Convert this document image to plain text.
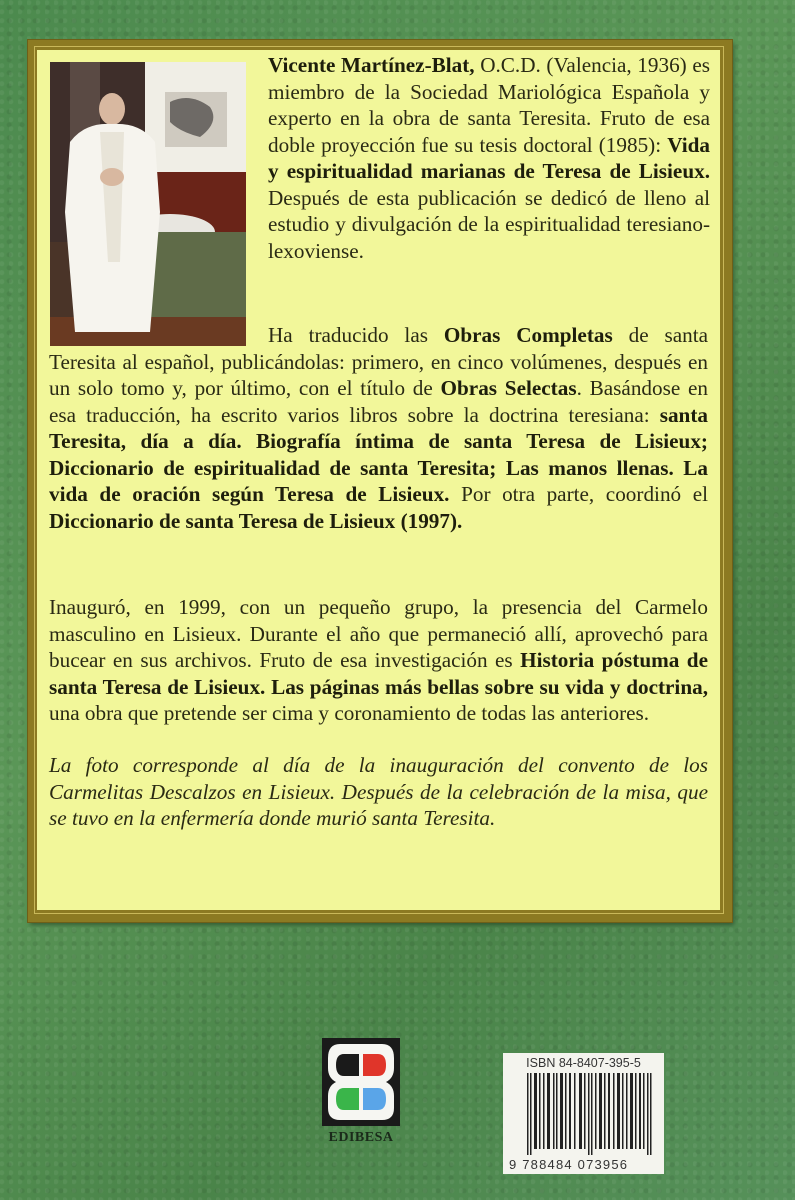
Vicente Martínez-Blat, O.C.D. (Valencia, 1936) es miembro de la Sociedad Mariológica Española y experto en la obra de santa Teresita. Fruto de esa doble proyección fue su tesis doctoral (1985): Vida y espiritualidad marianas de Teresa de Lisieux. Después de esta publicación se dedicó de lleno al estudio y divulgación de la espiritualidad teresiano-lexoviense.

Ha traducido las Obras Completas de santa Teresita al español, publicándolas: primero, en cinco volúmenes, después en un solo tomo y, por último, con el título de Obras Selectas. Basándose en esa traducción, ha escrito varios libros sobre la doctrina teresiana: santa Teresita, día a día. Biografía íntima de santa Teresa de Lisieux; Diccionario de espiritualidad de santa Teresita; Las manos llenas. La vida de oración según Teresa de Lisieux. Por otra parte, coordinó el Diccionario de santa Teresa de Lisieux (1997).

Inauguró, en 1999, con un pequeño grupo, la presencia del Carmelo masculino en Lisieux. Durante el año que permaneció allí, aprovechó para bucear en sus archivos. Fruto de esa investigación es Historia póstuma de santa Teresa de Lisieux. Las páginas más bellas sobre su vida y doctrina, una obra que pretende ser cima y coronamiento de todas las anteriores.

La foto corresponde al día de la inauguración del convento de los Carmelitas Descalzos en Lisieux. Después de la celebración de la misa, que se tuvo en la enfermería donde murió santa Teresita.

EDIBESA
ISBN 84-8407-395-5
9 788484 073956
